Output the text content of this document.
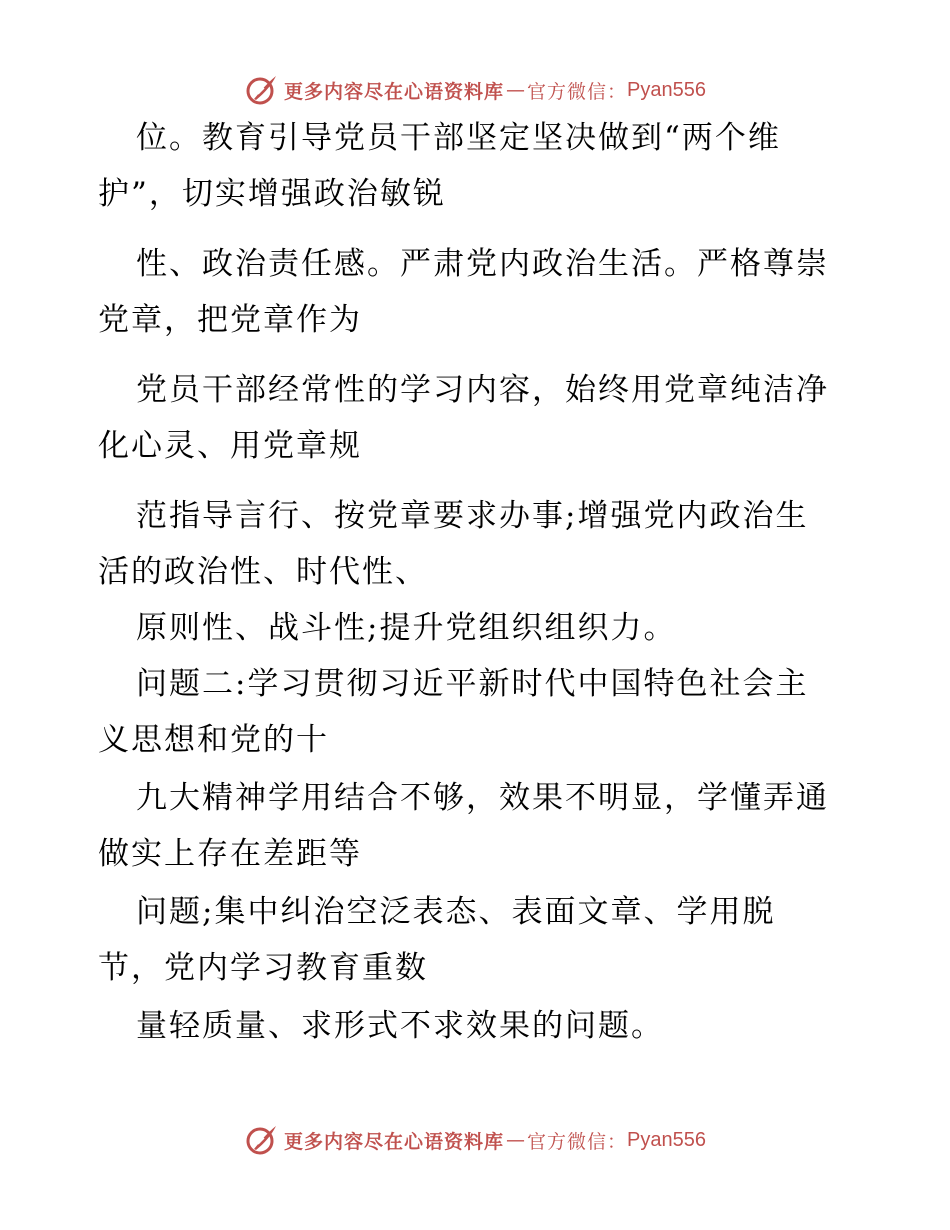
更多内容尽在心语资料库 — 官方微信： Pyan556
位。教育引导党员干部坚定坚决做到“两个维
护”，切实增强政治敏锐
性、政治责任感。严肃党内政治生活。严格尊崇
党章，把党章作为
党员干部经常性的学习内容，始终用党章纯洁净
化心灵、用党章规
范指导言行、按党章要求办事;增强党内政治生
活的政治性、时代性、
原则性、战斗性;提升党组织组织力。
问题二:学习贯彻习近平新时代中国特色社会主
义思想和党的十
九大精神学用结合不够，效果不明显，学懂弄通
做实上存在差距等
问题;集中纠治空泛表态、表面文章、学用脱
节，党内学习教育重数
量轻质量、求形式不求效果的问题。
更多内容尽在心语资料库 — 官方微信： Pyan556
